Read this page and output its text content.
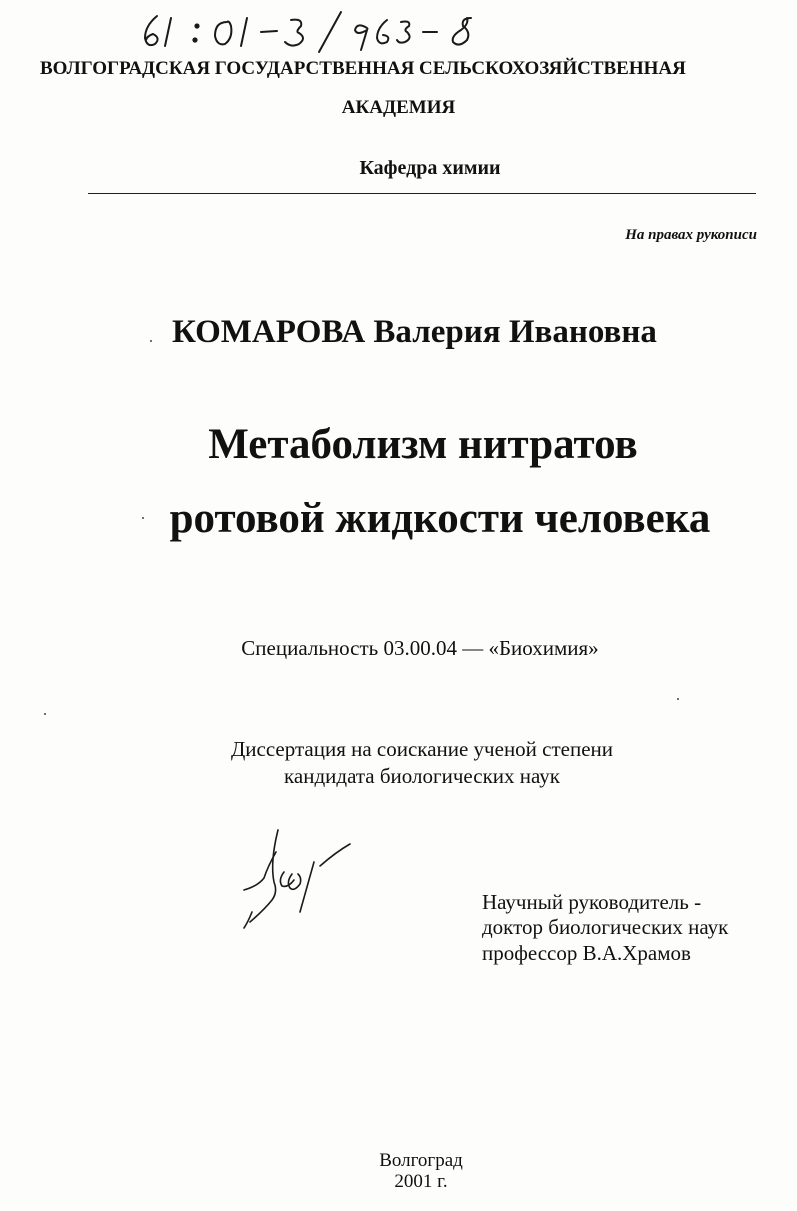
ВОЛГОГРАДСКАЯ ГОСУДАРСТВЕННАЯ СЕЛЬСКОХОЗЯЙСТВЕННАЯ
АКАДЕМИЯ
Кафедра химии
На правах рукописи
КОМАРОВА Валерия Ивановна
Метаболизм нитратов
ротовой жидкости человека
Специальность 03.00.04 — «Биохимия»
Диссертация на соискание ученой степени
кандидата биологических наук
Научный руководитель -
доктор биологических наук
профессор В.А.Храмов
Волгоград
2001 г.
